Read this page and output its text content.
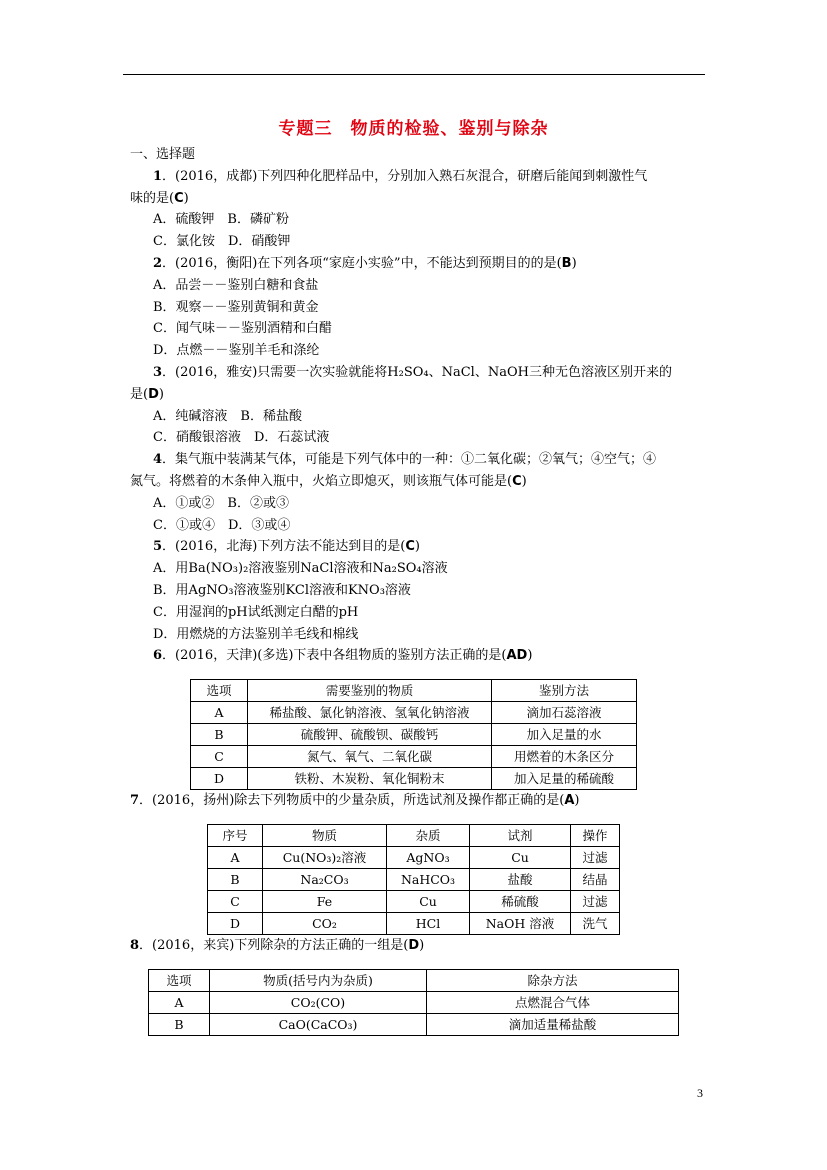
专题三　物质的检验、鉴别与除杂
一、选择题
1．(2016，成都)下列四种化肥样品中，分别加入熟石灰混合，研磨后能闻到刺激性气
味的是(C)
A．硫酸钾　B．磷矿粉
C．氯化铵　D．硝酸钾
2．(2016，衡阳)在下列各项“家庭小实验”中，不能达到预期目的的是(B)
A．品尝－－鉴别白糖和食盐
B．观察－－鉴别黄铜和黄金
C．闻气味－－鉴别酒精和白醋
D．点燃－－鉴别羊毛和涤纶
3．(2016，雅安)只需要一次实验就能将H₂SO₄、NaCl、NaOH三种无色溶液区别开来的
是(D)
A．纯碱溶液　B．稀盐酸
C．硝酸银溶液　D．石蕊试液
4．集气瓶中装满某气体，可能是下列气体中的一种：①二氧化碳；②氧气；④空气；④
氮气。将燃着的木条伸入瓶中，火焰立即熄灭，则该瓶气体可能是(C)
A．①或②　B．②或③
C．①或④　D．③或④
5．(2016，北海)下列方法不能达到目的是(C)
A．用Ba(NO₃)₂溶液鉴别NaCl溶液和Na₂SO₄溶液
B．用AgNO₃溶液鉴别KCl溶液和KNO₃溶液
C．用湿润的pH试纸测定白醋的pH
D．用燃烧的方法鉴别羊毛线和棉线
6．(2016，天津)(多选)下表中各组物质的鉴别方法正确的是(AD)
选项	需要鉴别的物质	鉴别方法
A	稀盐酸、氯化钠溶液、氢氧化钠溶液	滴加石蕊溶液
B	硫酸钾、硫酸钡、碳酸钙	加入足量的水
C	氮气、氧气、二氧化碳	用燃着的木条区分
D	铁粉、木炭粉、氧化铜粉末	加入足量的稀硫酸
7．(2016，扬州)除去下列物质中的少量杂质，所选试剂及操作都正确的是(A)
序号	物质	杂质	试剂	操作
A	Cu(NO₃)₂溶液	AgNO₃	Cu	过滤
B	Na₂CO₃	NaHCO₃	盐酸	结晶
C	Fe	Cu	稀硫酸	过滤
D	CO₂	HCl	NaOH 溶液	洗气
8．(2016，来宾)下列除杂的方法正确的一组是(D)
选项	物质(括号内为杂质)	除杂方法
A	CO₂(CO)	点燃混合气体
B	CaO(CaCO₃)	滴加适量稀盐酸
3
